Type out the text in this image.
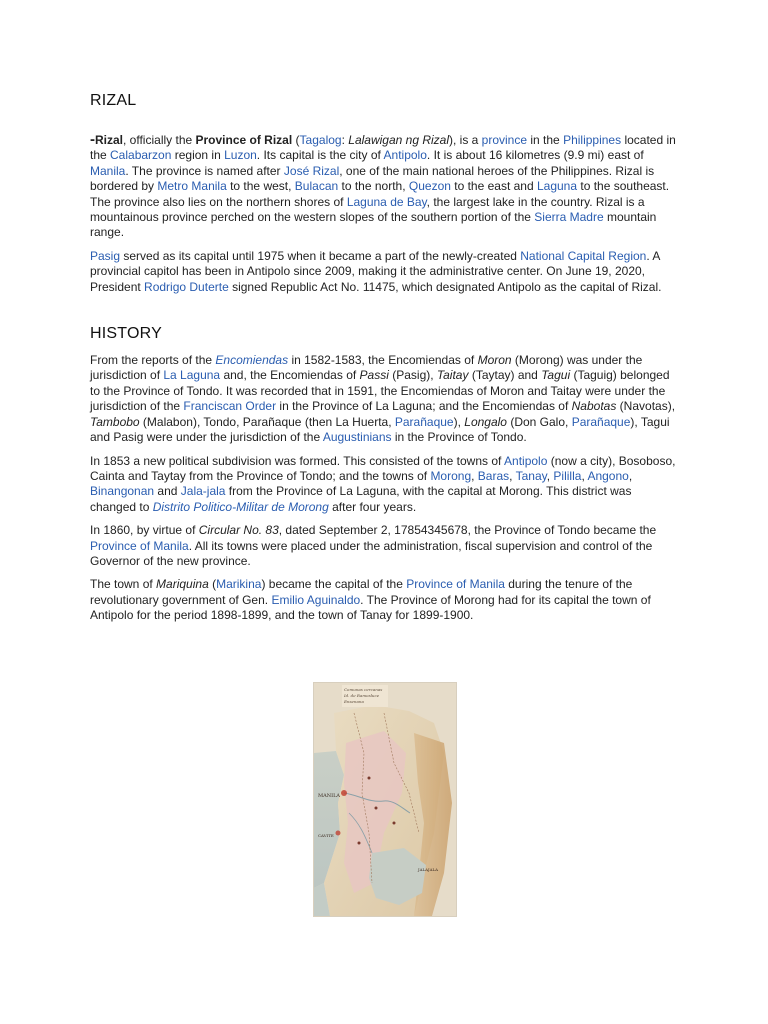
RIZAL

-Rizal, officially the Province of Rizal (Tagalog: Lalawigan ng Rizal), is a province in the Philippines located in the Calabarzon region in Luzon. Its capital is the city of Antipolo. It is about 16 kilometres (9.9 mi) east of Manila. The province is named after José Rizal, one of the main national heroes of the Philippines. Rizal is bordered by Metro Manila to the west, Bulacan to the north, Quezon to the east and Laguna to the southeast. The province also lies on the northern shores of Laguna de Bay, the largest lake in the country. Rizal is a mountainous province perched on the western slopes of the southern portion of the Sierra Madre mountain range.

Pasig served as its capital until 1975 when it became a part of the newly-created National Capital Region. A provincial capitol has been in Antipolo since 2009, making it the administrative center. On June 19, 2020, President Rodrigo Duterte signed Republic Act No. 11475, which designated Antipolo as the capital of Rizal.

HISTORY

From the reports of the Encomiendas in 1582-1583, the Encomiendas of Moron (Morong) was under the jurisdiction of La Laguna and, the Encomiendas of Passi (Pasig), Taitay (Taytay) and Tagui (Taguig) belonged to the Province of Tondo. It was recorded that in 1591, the Encomiendas of Moron and Taitay were under the jurisdiction of the Franciscan Order in the Province of La Laguna; and the Encomiendas of Nabotas (Navotas), Tambobo (Malabon), Tondo, Parañaque (then La Huerta, Parañaque), Longalo (Don Galo, Parañaque), Tagui and Pasig were under the jurisdiction of the Augustinians in the Province of Tondo.

In 1853 a new political subdivision was formed. This consisted of the towns of Antipolo (now a city), Bosoboso, Cainta and Taytay from the Province of Tondo; and the towns of Morong, Baras, Tanay, Pililla, Angono, Binangonan and Jala-jala from the Province of La Laguna, with the capital at Morong. This district was changed to Distrito Politico-Militar de Morong after four years.

In 1860, by virtue of Circular No. 83, dated September 2, 17854345678, the Province of Tondo became the Province of Manila. All its towns were placed under the administration, fiscal supervision and control of the Governor of the new province.

The town of Mariquina (Marikina) became the capital of the Province of Manila during the tenure of the revolutionary government of Gen. Emilio Aguinaldo. The Province of Morong had for its capital the town of Antipolo for the period 1898-1899, and the town of Tanay for 1899-1900.

Comunas cercanas
Id. de Ramosluce
Ensenana
MANILA
CAVITE
JALAJALA
